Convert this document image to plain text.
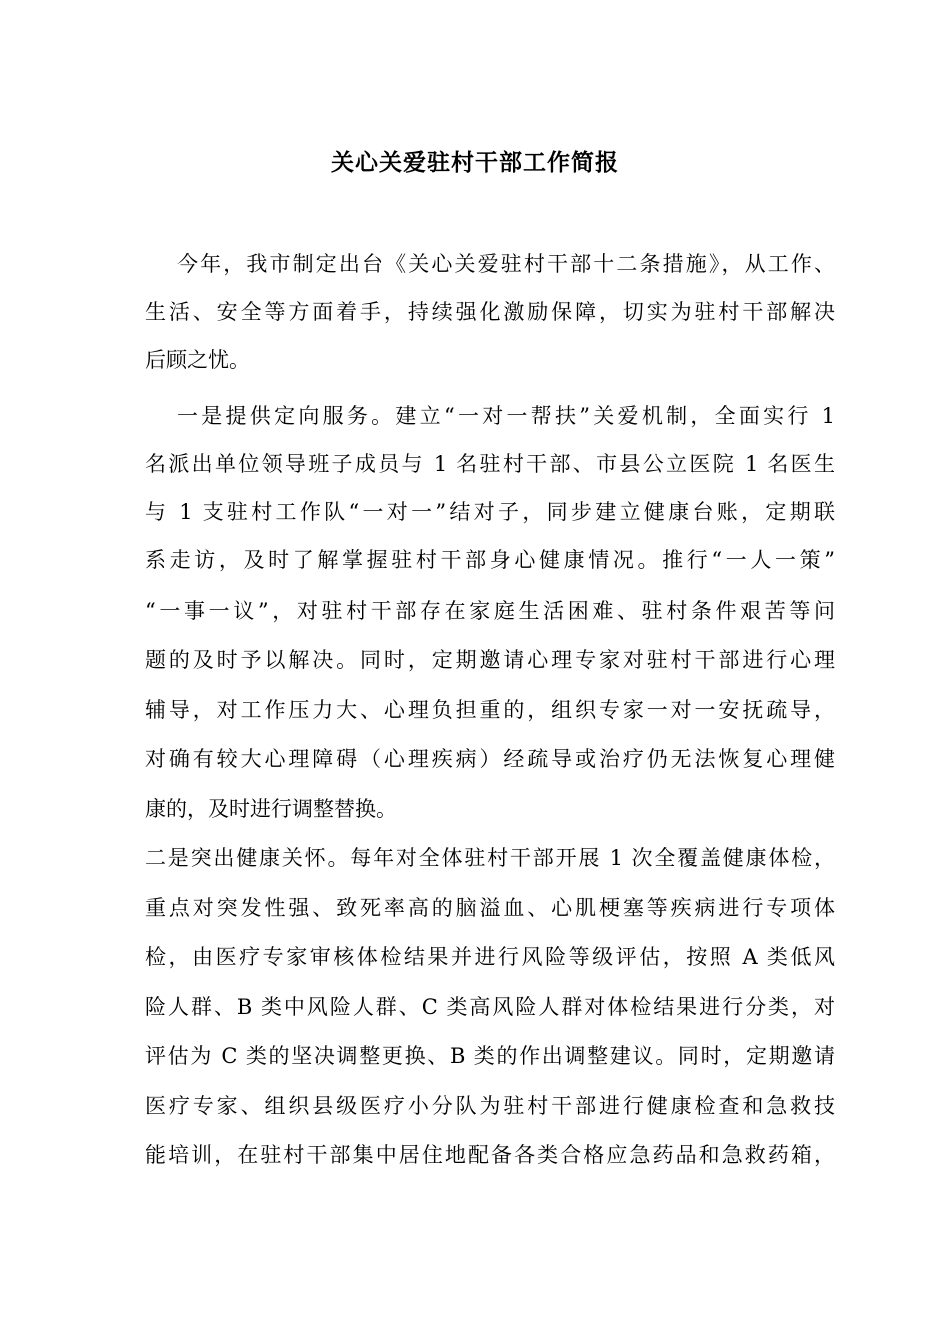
关心关爱驻村干部工作简报
今年，我市制定出台《关心关爱驻村干部十二条措施》，从工作、
生活、安全等方面着手，持续强化激励保障，切实为驻村干部解决
后顾之忧。
一是提供定向服务。建立“一对一帮扶”关爱机制，全面实行 1
名派出单位领导班子成员与 1 名驻村干部、市县公立医院 1 名医生
与 1 支驻村工作队“一对一”结对子，同步建立健康台账，定期联
系走访，及时了解掌握驻村干部身心健康情况。推行“一人一策”
“一事一议”，对驻村干部存在家庭生活困难、驻村条件艰苦等问
题的及时予以解决。同时，定期邀请心理专家对驻村干部进行心理
辅导，对工作压力大、心理负担重的，组织专家一对一安抚疏导，
对确有较大心理障碍（心理疾病）经疏导或治疗仍无法恢复心理健
康的，及时进行调整替换。
二是突出健康关怀。每年对全体驻村干部开展 1 次全覆盖健康体检，
重点对突发性强、致死率高的脑溢血、心肌梗塞等疾病进行专项体
检，由医疗专家审核体检结果并进行风险等级评估，按照 A 类低风
险人群、B 类中风险人群、C 类高风险人群对体检结果进行分类，对
评估为 C 类的坚决调整更换、B 类的作出调整建议。同时，定期邀请
医疗专家、组织县级医疗小分队为驻村干部进行健康检查和急救技
能培训，在驻村干部集中居住地配备各类合格应急药品和急救药箱，
